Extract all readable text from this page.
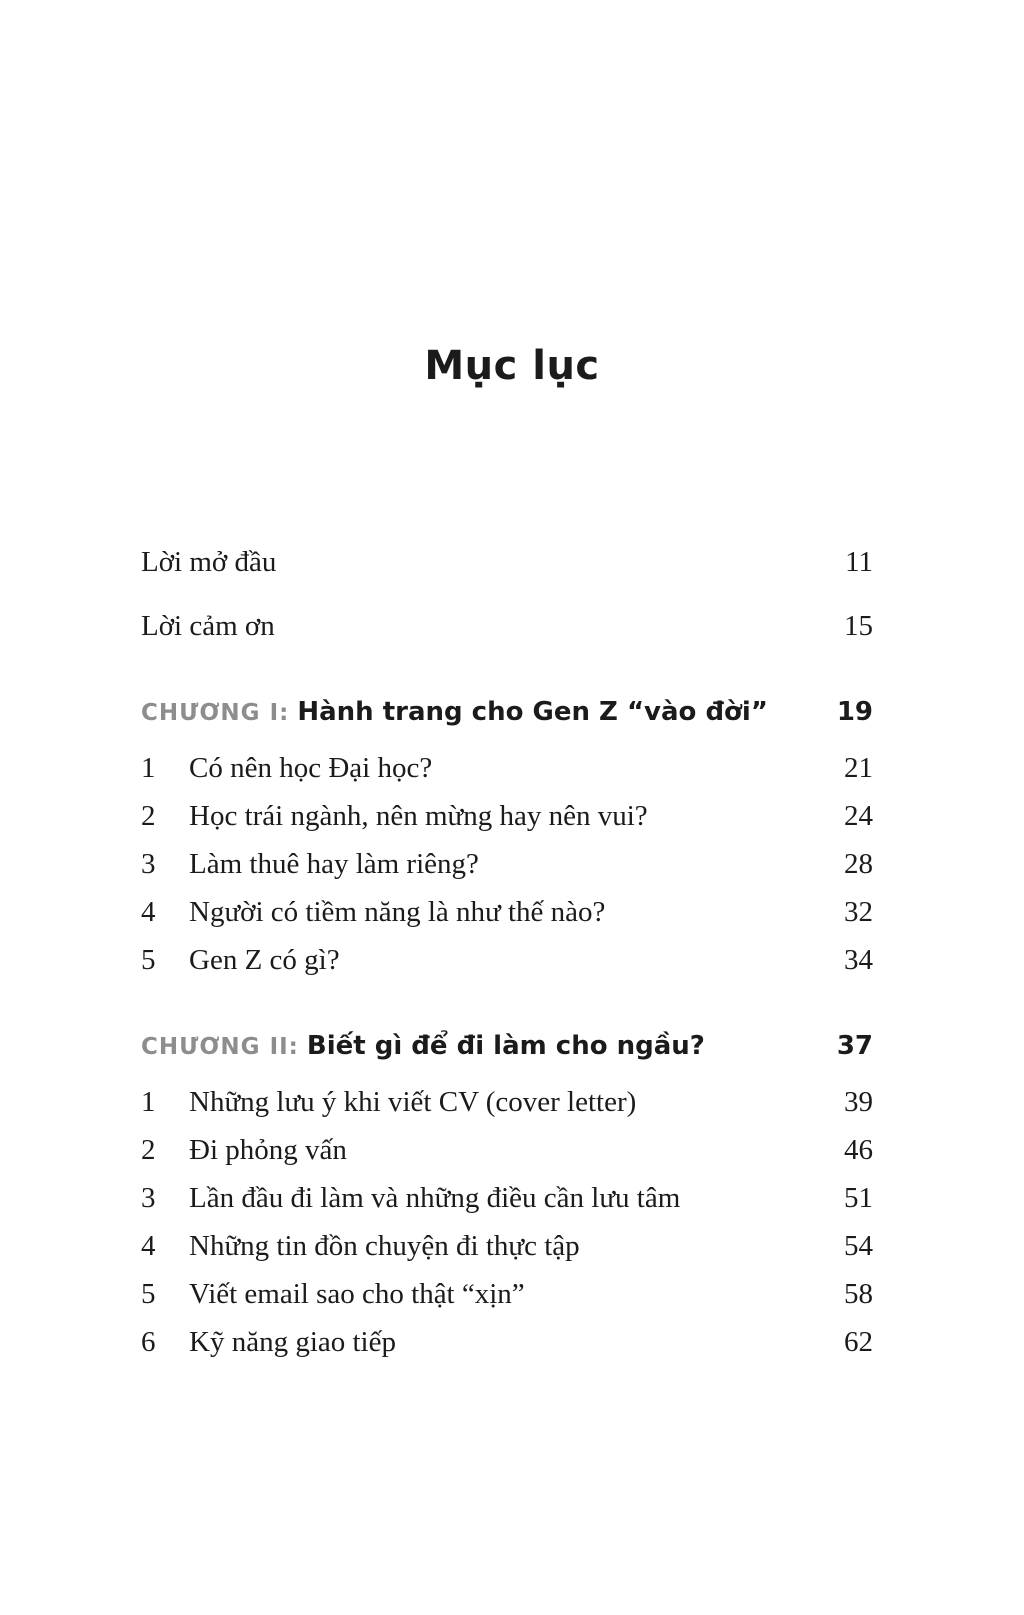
Mục lục
Lời mở đầu	11
Lời cảm ơn	15
CHƯƠNG I: Hành trang cho Gen Z “vào đời”	19
1	Có nên học Đại học?	21
2	Học trái ngành, nên mừng hay nên vui?	24
3	Làm thuê hay làm riêng?	28
4	Người có tiềm năng là như thế nào?	32
5	Gen Z có gì?	34
CHƯƠNG II: Biết gì để đi làm cho ngầu?	37
1	Những lưu ý khi viết CV (cover letter)	39
2	Đi phỏng vấn	46
3	Lần đầu đi làm và những điều cần lưu tâm	51
4	Những tin đồn chuyện đi thực tập	54
5	Viết email sao cho thật “xịn”	58
6	Kỹ năng giao tiếp	62
